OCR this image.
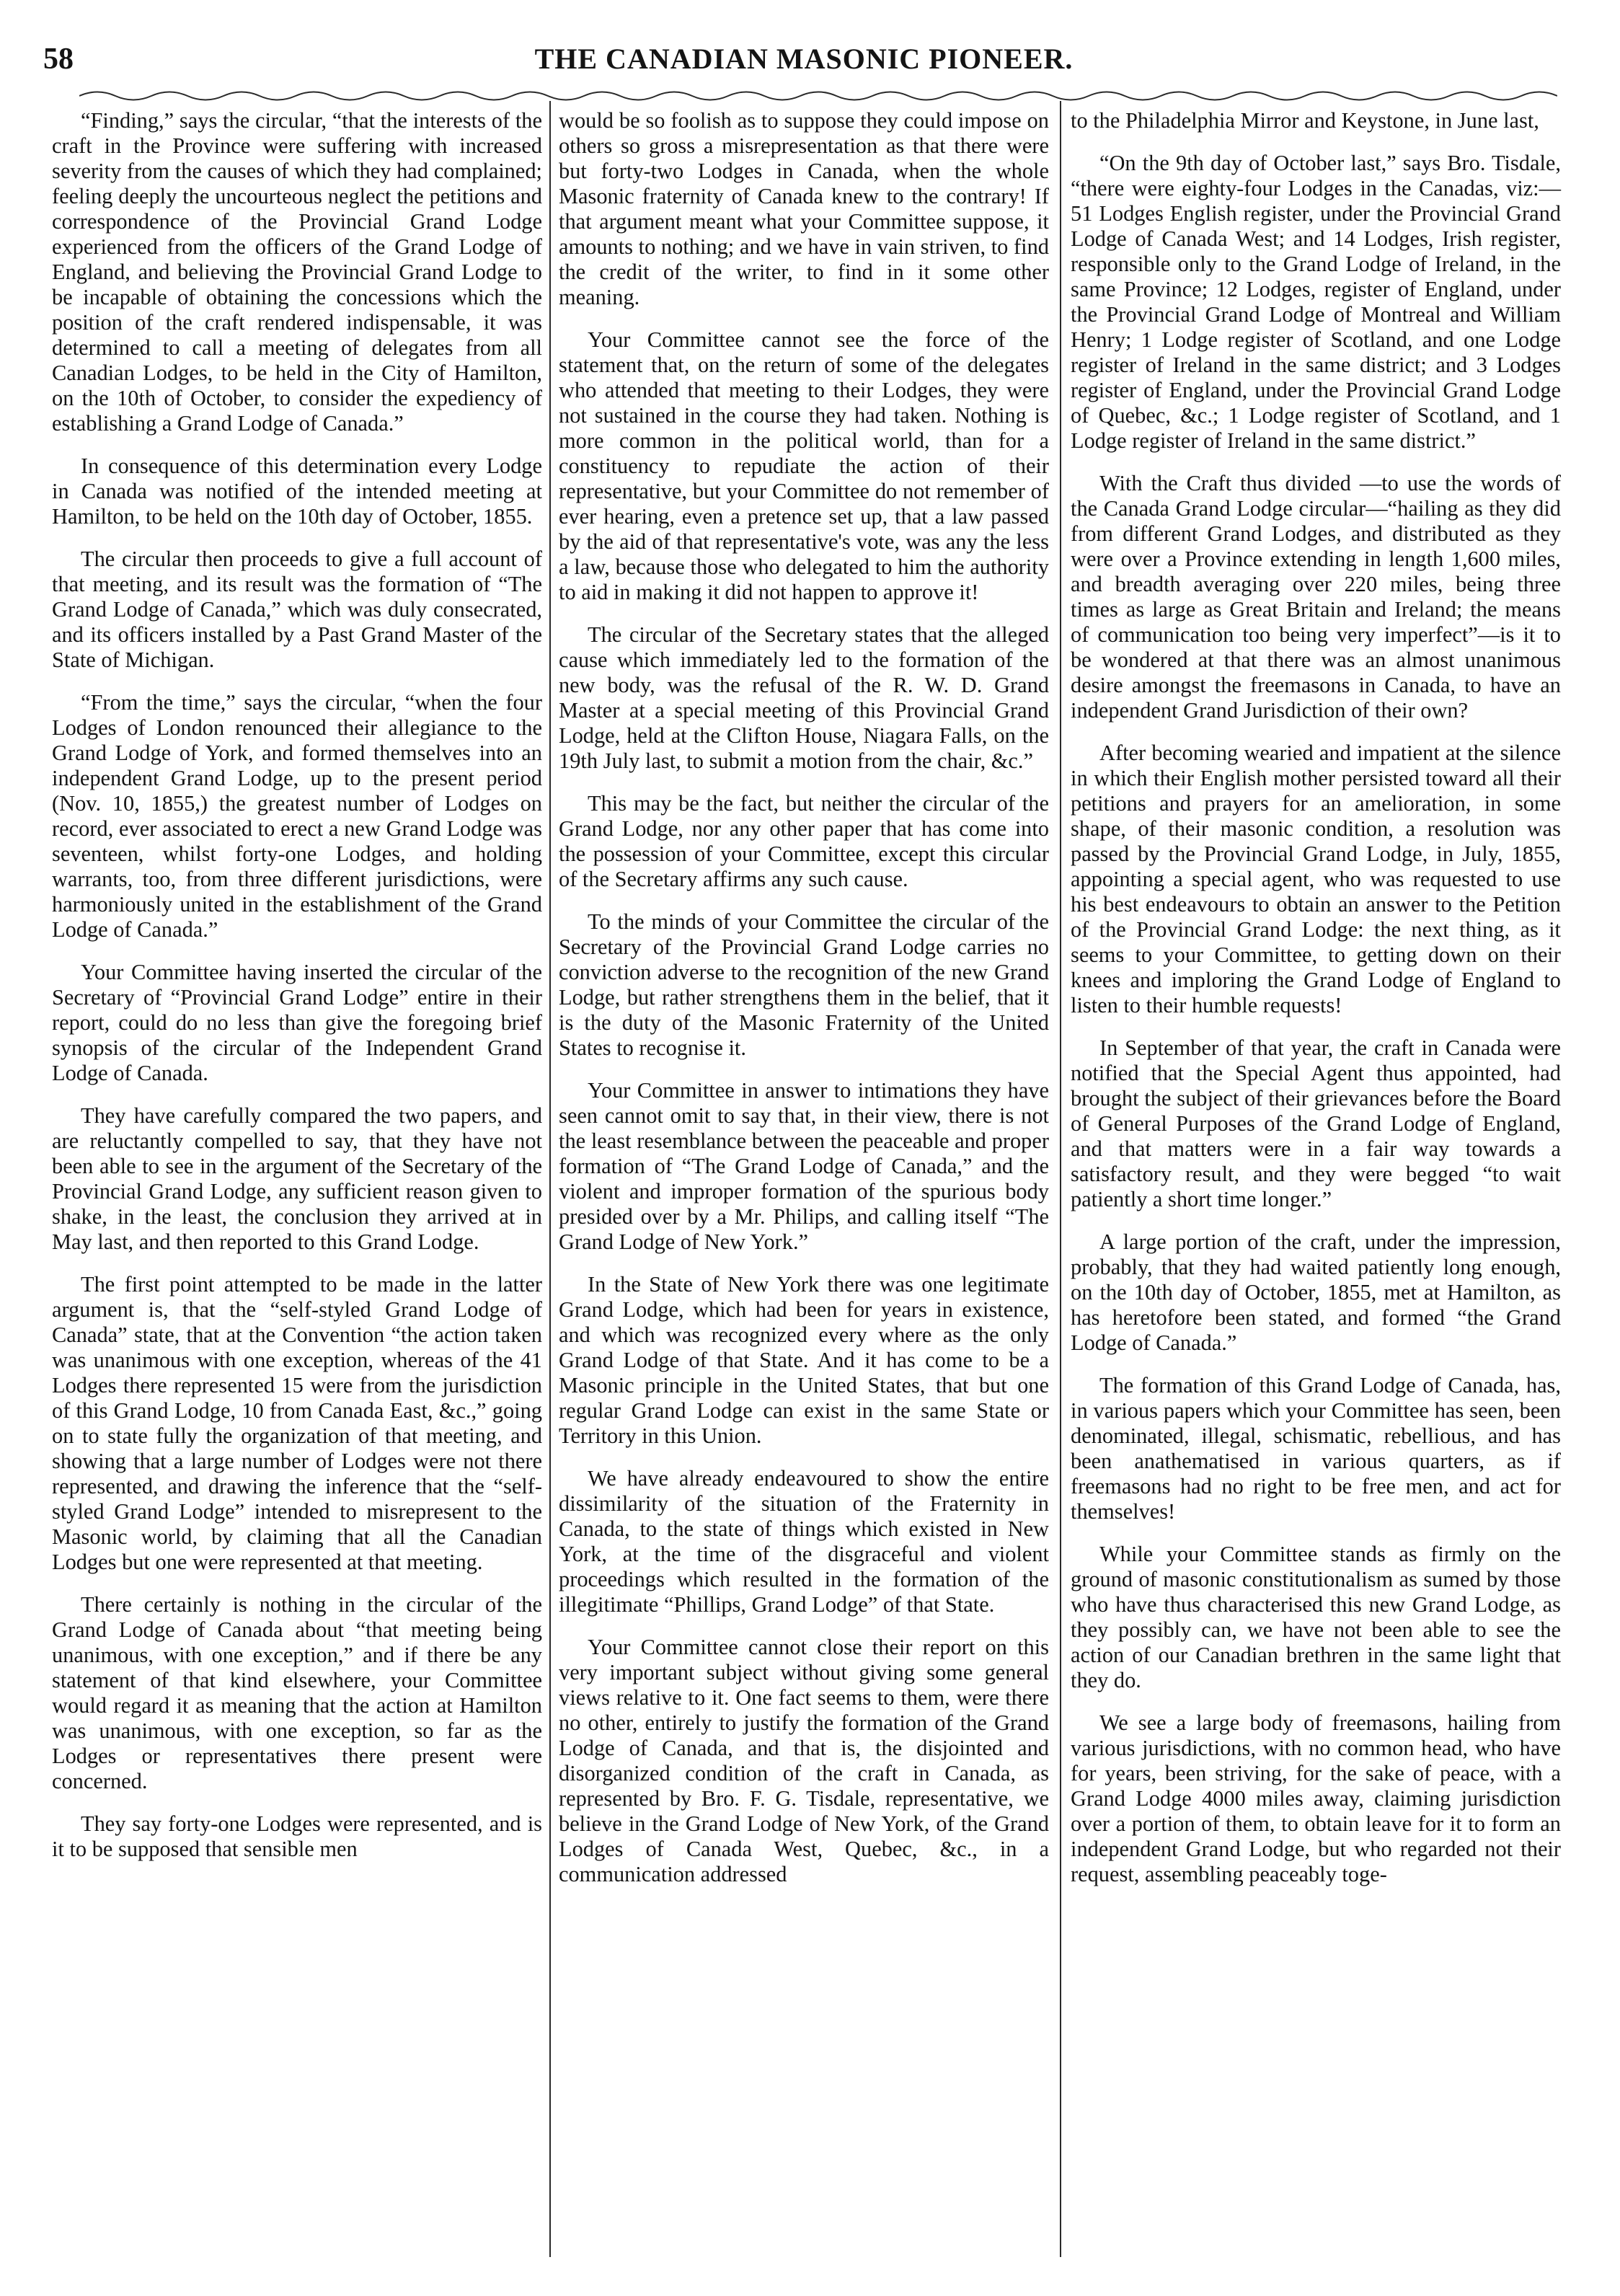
58	THE CANADIAN MASONIC PIONEER.

“Finding,” says the circular, “that the interests of the craft in the Province were suffering with increased severity from the causes of which they had complained; feeling deeply the uncourteous neglect the petitions and correspondence of the Provincial Grand Lodge experienced from the officers of the Grand Lodge of England, and believing the Provincial Grand Lodge to be incapable of obtaining the concessions which the position of the craft rendered indispensable, it was determined to call a meeting of delegates from all Canadian Lodges, to be held in the City of Hamilton, on the 10th of October, to consider the expediency of establishing a Grand Lodge of Canada.”

In consequence of this determination every Lodge in Canada was notified of the intended meeting at Hamilton, to be held on the 10th day of October, 1855.

The circular then proceeds to give a full account of that meeting, and its result was the formation of “The Grand Lodge of Canada,” which was duly consecrated, and its officers installed by a Past Grand Master of the State of Michigan.

“From the time,” says the circular, “when the four Lodges of London renounced their allegiance to the Grand Lodge of York, and formed themselves into an independent Grand Lodge, up to the present period (Nov. 10, 1855,) the greatest number of Lodges on record, ever associated to erect a new Grand Lodge was seventeen, whilst forty-one Lodges, and holding warrants, too, from three different jurisdictions, were harmoniously united in the establishment of the Grand Lodge of Canada.”

Your Committee having inserted the circular of the Secretary of “Provincial Grand Lodge” entire in their report, could do no less than give the foregoing brief synopsis of the circular of the Independent Grand Lodge of Canada.

They have carefully compared the two papers, and are reluctantly compelled to say, that they have not been able to see in the argument of the Secretary of the Provincial Grand Lodge, any sufficient reason given to shake, in the least, the conclusion they arrived at in May last, and then reported to this Grand Lodge.

The first point attempted to be made in the latter argument is, that the “self-styled Grand Lodge of Canada” state, that at the Convention “the action taken was unanimous with one exception, whereas of the 41 Lodges there represented 15 were from the jurisdiction of this Grand Lodge, 10 from Canada East, &c.,” going on to state fully the organization of that meeting, and showing that a large number of Lodges were not there represented, and drawing the inference that the “self-styled Grand Lodge” intended to misrepresent to the Masonic world, by claiming that all the Canadian Lodges but one were represented at that meeting.

There certainly is nothing in the circular of the Grand Lodge of Canada about “that meeting being unanimous, with one exception,” and if there be any statement of that kind elsewhere, your Committee would regard it as meaning that the action at Hamilton was unanimous, with one exception, so far as the Lodges or representatives there present were concerned.

They say forty-one Lodges were represented, and is it to be supposed that sensible men

would be so foolish as to suppose they could impose on others so gross a misrepresentation as that there were but forty-two Lodges in Canada, when the whole Masonic fraternity of Canada knew to the contrary! If that argument meant what your Committee suppose, it amounts to nothing; and we have in vain striven, to find the credit of the writer, to find in it some other meaning.

Your Committee cannot see the force of the statement that, on the return of some of the delegates who attended that meeting to their Lodges, they were not sustained in the course they had taken. Nothing is more common in the political world, than for a constituency to repudiate the action of their representative, but your Committee do not remember of ever hearing, even a pretence set up, that a law passed by the aid of that representative's vote, was any the less a law, because those who delegated to him the authority to aid in making it did not happen to approve it!

The circular of the Secretary states that the alleged cause which immediately led to the formation of the new body, was the refusal of the R. W. D. Grand Master at a special meeting of this Provincial Grand Lodge, held at the Clifton House, Niagara Falls, on the 19th July last, to submit a motion from the chair, &c.”

This may be the fact, but neither the circular of the Grand Lodge, nor any other paper that has come into the possession of your Committee, except this circular of the Secretary affirms any such cause.

To the minds of your Committee the circular of the Secretary of the Provincial Grand Lodge carries no conviction adverse to the recognition of the new Grand Lodge, but rather strengthens them in the belief, that it is the duty of the Masonic Fraternity of the United States to recognise it.

Your Committee in answer to intimations they have seen cannot omit to say that, in their view, there is not the least resemblance between the peaceable and proper formation of “The Grand Lodge of Canada,” and the violent and improper formation of the spurious body presided over by a Mr. Philips, and calling itself “The Grand Lodge of New York.”

In the State of New York there was one legitimate Grand Lodge, which had been for years in existence, and which was recognized every where as the only Grand Lodge of that State. And it has come to be a Masonic principle in the United States, that but one regular Grand Lodge can exist in the same State or Territory in this Union.

We have already endeavoured to show the entire dissimilarity of the situation of the Fraternity in Canada, to the state of things which existed in New York, at the time of the disgraceful and violent proceedings which resulted in the formation of the illegitimate “Phillips, Grand Lodge” of that State.

Your Committee cannot close their report on this very important subject without giving some general views relative to it. One fact seems to them, were there no other, entirely to justify the formation of the Grand Lodge of Canada, and that is, the disjointed and disorganized condition of the craft in Canada, as represented by Bro. F. G. Tisdale, representative, we believe in the Grand Lodge of New York, of the Grand Lodges of Canada West, Quebec, &c., in a communication addressed

to the Philadelphia Mirror and Keystone, in June last,

“On the 9th day of October last,” says Bro. Tisdale, “there were eighty-four Lodges in the Canadas, viz:—51 Lodges English register, under the Provincial Grand Lodge of Canada West; and 14 Lodges, Irish register, responsible only to the Grand Lodge of Ireland, in the same Province; 12 Lodges, register of England, under the Provincial Grand Lodge of Montreal and William Henry; 1 Lodge register of Scotland, and one Lodge register of Ireland in the same district; and 3 Lodges register of England, under the Provincial Grand Lodge of Quebec, &c.; 1 Lodge register of Scotland, and 1 Lodge register of Ireland in the same district.”

With the Craft thus divided —to use the words of the Canada Grand Lodge circular—“hailing as they did from different Grand Lodges, and distributed as they were over a Province extending in length 1,600 miles, and breadth averaging over 220 miles, being three times as large as Great Britain and Ireland; the means of communication too being very imperfect”—is it to be wondered at that there was an almost unanimous desire amongst the freemasons in Canada, to have an independent Grand Jurisdiction of their own?

After becoming wearied and impatient at the silence in which their English mother persisted toward all their petitions and prayers for an amelioration, in some shape, of their masonic condition, a resolution was passed by the Provincial Grand Lodge, in July, 1855, appointing a special agent, who was requested to use his best endeavours to obtain an answer to the Petition of the Provincial Grand Lodge: the next thing, as it seems to your Committee, to getting down on their knees and imploring the Grand Lodge of England to listen to their humble requests!

In September of that year, the craft in Canada were notified that the Special Agent thus appointed, had brought the subject of their grievances before the Board of General Purposes of the Grand Lodge of England, and that matters were in a fair way towards a satisfactory result, and they were begged “to wait patiently a short time longer.”

A large portion of the craft, under the impression, probably, that they had waited patiently long enough, on the 10th day of October, 1855, met at Hamilton, as has heretofore been stated, and formed “the Grand Lodge of Canada.”

The formation of this Grand Lodge of Canada, has, in various papers which your Committee has seen, been denominated, illegal, schismatic, rebellious, and has been anathematised in various quarters, as if freemasons had no right to be free men, and act for themselves!

While your Committee stands as firmly on the ground of masonic constitutionalism as sumed by those who have thus characterised this new Grand Lodge, as they possibly can, we have not been able to see the action of our Canadian brethren in the same light that they do.

We see a large body of freemasons, hailing from various jurisdictions, with no common head, who have for years, been striving, for the sake of peace, with a Grand Lodge 4000 miles away, claiming jurisdiction over a portion of them, to obtain leave for it to form an independent Grand Lodge, but who regarded not their request, assembling peaceably toge-
